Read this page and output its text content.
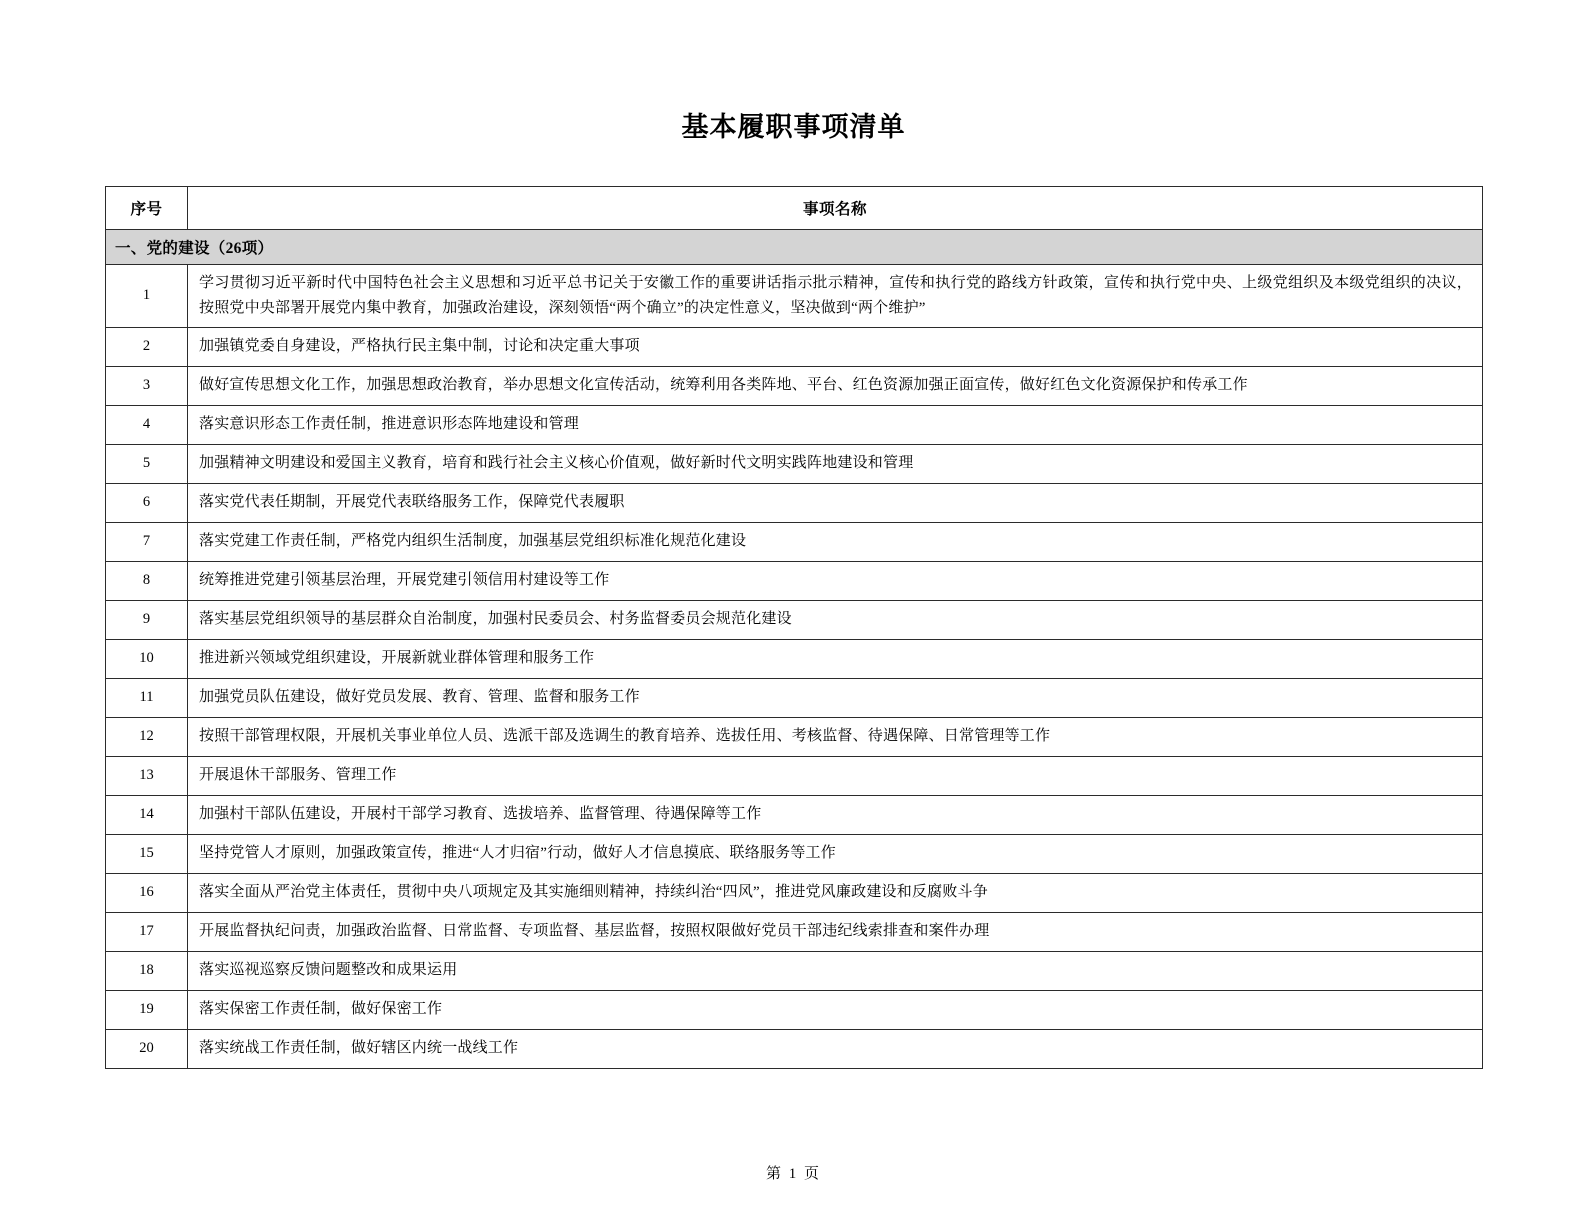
基本履职事项清单
序号	事项名称
一、党的建设（26项）	
1	学习贯彻习近平新时代中国特色社会主义思想和习近平总书记关于安徽工作的重要讲话指示批示精神，宣传和执行党的路线方针政策，宣传和执行党中央、上级党组织及本级党组织的决议，按照党中央部署开展党内集中教育，加强政治建设，深刻领悟“两个确立”的决定性意义，坚决做到“两个维护”
2	加强镇党委自身建设，严格执行民主集中制，讨论和决定重大事项
3	做好宣传思想文化工作，加强思想政治教育，举办思想文化宣传活动，统筹利用各类阵地、平台、红色资源加强正面宣传，做好红色文化资源保护和传承工作
4	落实意识形态工作责任制，推进意识形态阵地建设和管理
5	加强精神文明建设和爱国主义教育，培育和践行社会主义核心价值观，做好新时代文明实践阵地建设和管理
6	落实党代表任期制，开展党代表联络服务工作，保障党代表履职
7	落实党建工作责任制，严格党内组织生活制度，加强基层党组织标准化规范化建设
8	统筹推进党建引领基层治理，开展党建引领信用村建设等工作
9	落实基层党组织领导的基层群众自治制度，加强村民委员会、村务监督委员会规范化建设
10	推进新兴领域党组织建设，开展新就业群体管理和服务工作
11	加强党员队伍建设，做好党员发展、教育、管理、监督和服务工作
12	按照干部管理权限，开展机关事业单位人员、选派干部及选调生的教育培养、选拔任用、考核监督、待遇保障、日常管理等工作
13	开展退休干部服务、管理工作
14	加强村干部队伍建设，开展村干部学习教育、选拔培养、监督管理、待遇保障等工作
15	坚持党管人才原则，加强政策宣传，推进“人才归宿”行动，做好人才信息摸底、联络服务等工作
16	落实全面从严治党主体责任，贯彻中央八项规定及其实施细则精神，持续纠治“四风”，推进党风廉政建设和反腐败斗争
17	开展监督执纪问责，加强政治监督、日常监督、专项监督、基层监督，按照权限做好党员干部违纪线索排查和案件办理
18	落实巡视巡察反馈问题整改和成果运用
19	落实保密工作责任制，做好保密工作
20	落实统战工作责任制，做好辖区内统一战线工作
第 1 页
